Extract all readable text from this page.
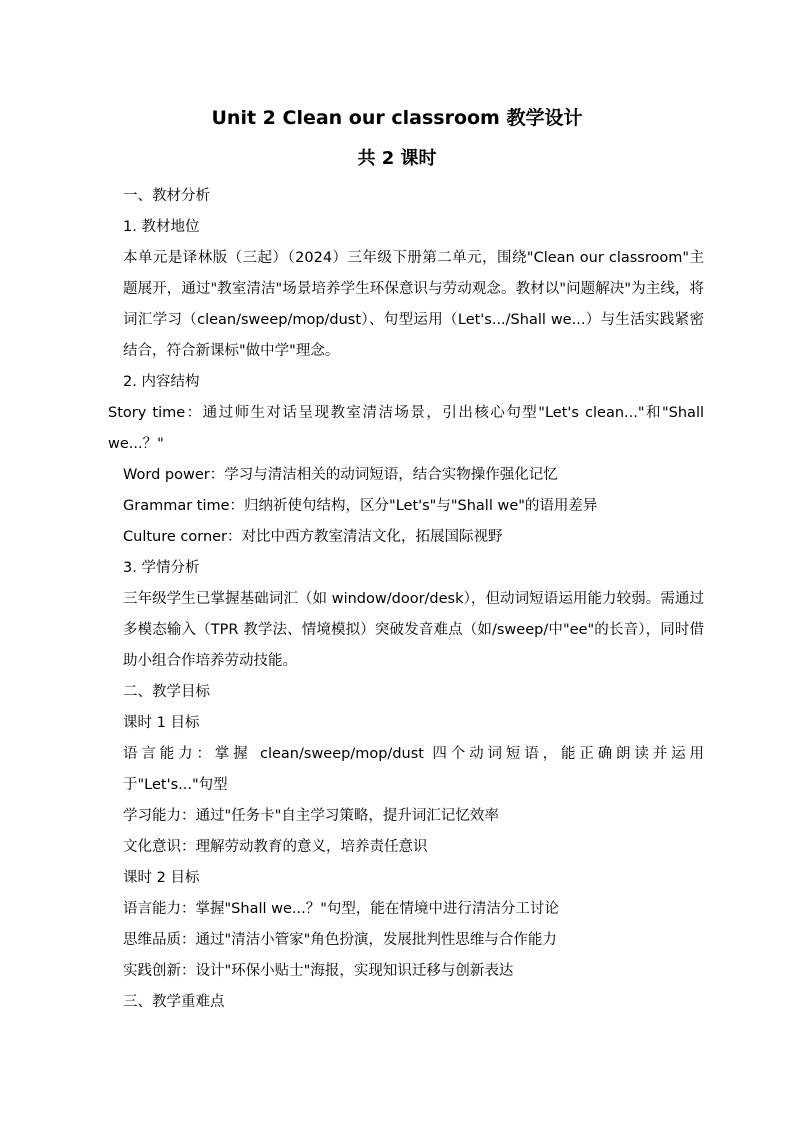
Unit 2 Clean our classroom 教学设计
共 2 课时

一、教材分析

1. 教材地位

本单元是译林版（三起）（2024）三年级下册第二单元，围绕"Clean our classroom"主题展开，通过"教室清洁"场景培养学生环保意识与劳动观念。教材以"问题解决"为主线，将词汇学习（clean/sweep/mop/dust）、句型运用（Let's.../Shall we...）与生活实践紧密结合，符合新课标"做中学"理念。

2. 内容结构

Story time：通过师生对话呈现教室清洁场景，引出核心句型"Let's clean..."和"Shall we...？"

Word power：学习与清洁相关的动词短语，结合实物操作强化记忆

Grammar time：归纳祈使句结构，区分"Let's"与"Shall we"的语用差异

Culture corner：对比中西方教室清洁文化，拓展国际视野

3. 学情分析

三年级学生已掌握基础词汇（如 window/door/desk），但动词短语运用能力较弱。需通过多模态输入（TPR 教学法、情境模拟）突破发音难点（如/sweep/中"ee"的长音），同时借助小组合作培养劳动技能。

二、教学目标

课时 1 目标

语言能力：掌握 clean/sweep/mop/dust 四个动词短语，能正确朗读并运用于"Let's..."句型

学习能力：通过"任务卡"自主学习策略，提升词汇记忆效率

文化意识：理解劳动教育的意义，培养责任意识

课时 2 目标

语言能力：掌握"Shall we...？"句型，能在情境中进行清洁分工讨论

思维品质：通过"清洁小管家"角色扮演，发展批判性思维与合作能力

实践创新：设计"环保小贴士"海报，实现知识迁移与创新表达

三、教学重难点
